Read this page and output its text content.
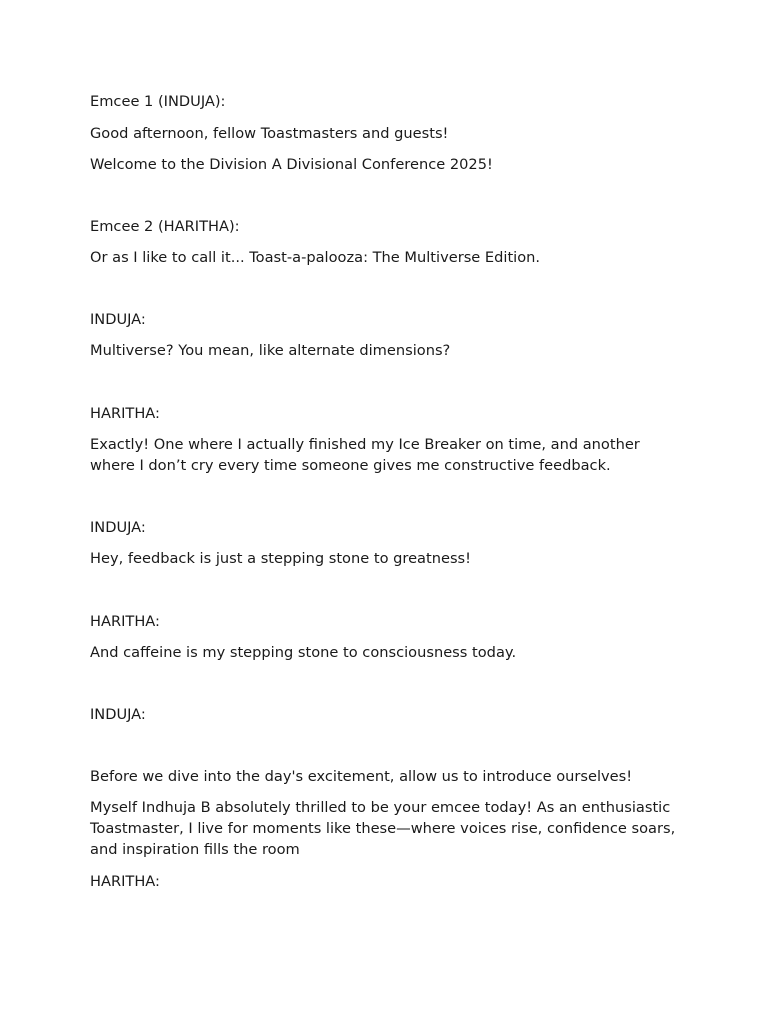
Emcee 1 (INDUJA):

Good afternoon, fellow Toastmasters and guests!

Welcome to the Division A Divisional Conference 2025!

Emcee 2 (HARITHA):

Or as I like to call it... Toast-a-palooza: The Multiverse Edition.

INDUJA:

Multiverse? You mean, like alternate dimensions?

HARITHA:

Exactly! One where I actually finished my Ice Breaker on time, and another where I don’t cry every time someone gives me constructive feedback.

INDUJA:

Hey, feedback is just a stepping stone to greatness!

HARITHA:

And caffeine is my stepping stone to consciousness today.

INDUJA:

Before we dive into the day's excitement, allow us to introduce ourselves!

Myself Indhuja B absolutely thrilled to be your emcee today! As an enthusiastic Toastmaster, I live for moments like these—where voices rise, confidence soars, and inspiration fills the room

HARITHA:
